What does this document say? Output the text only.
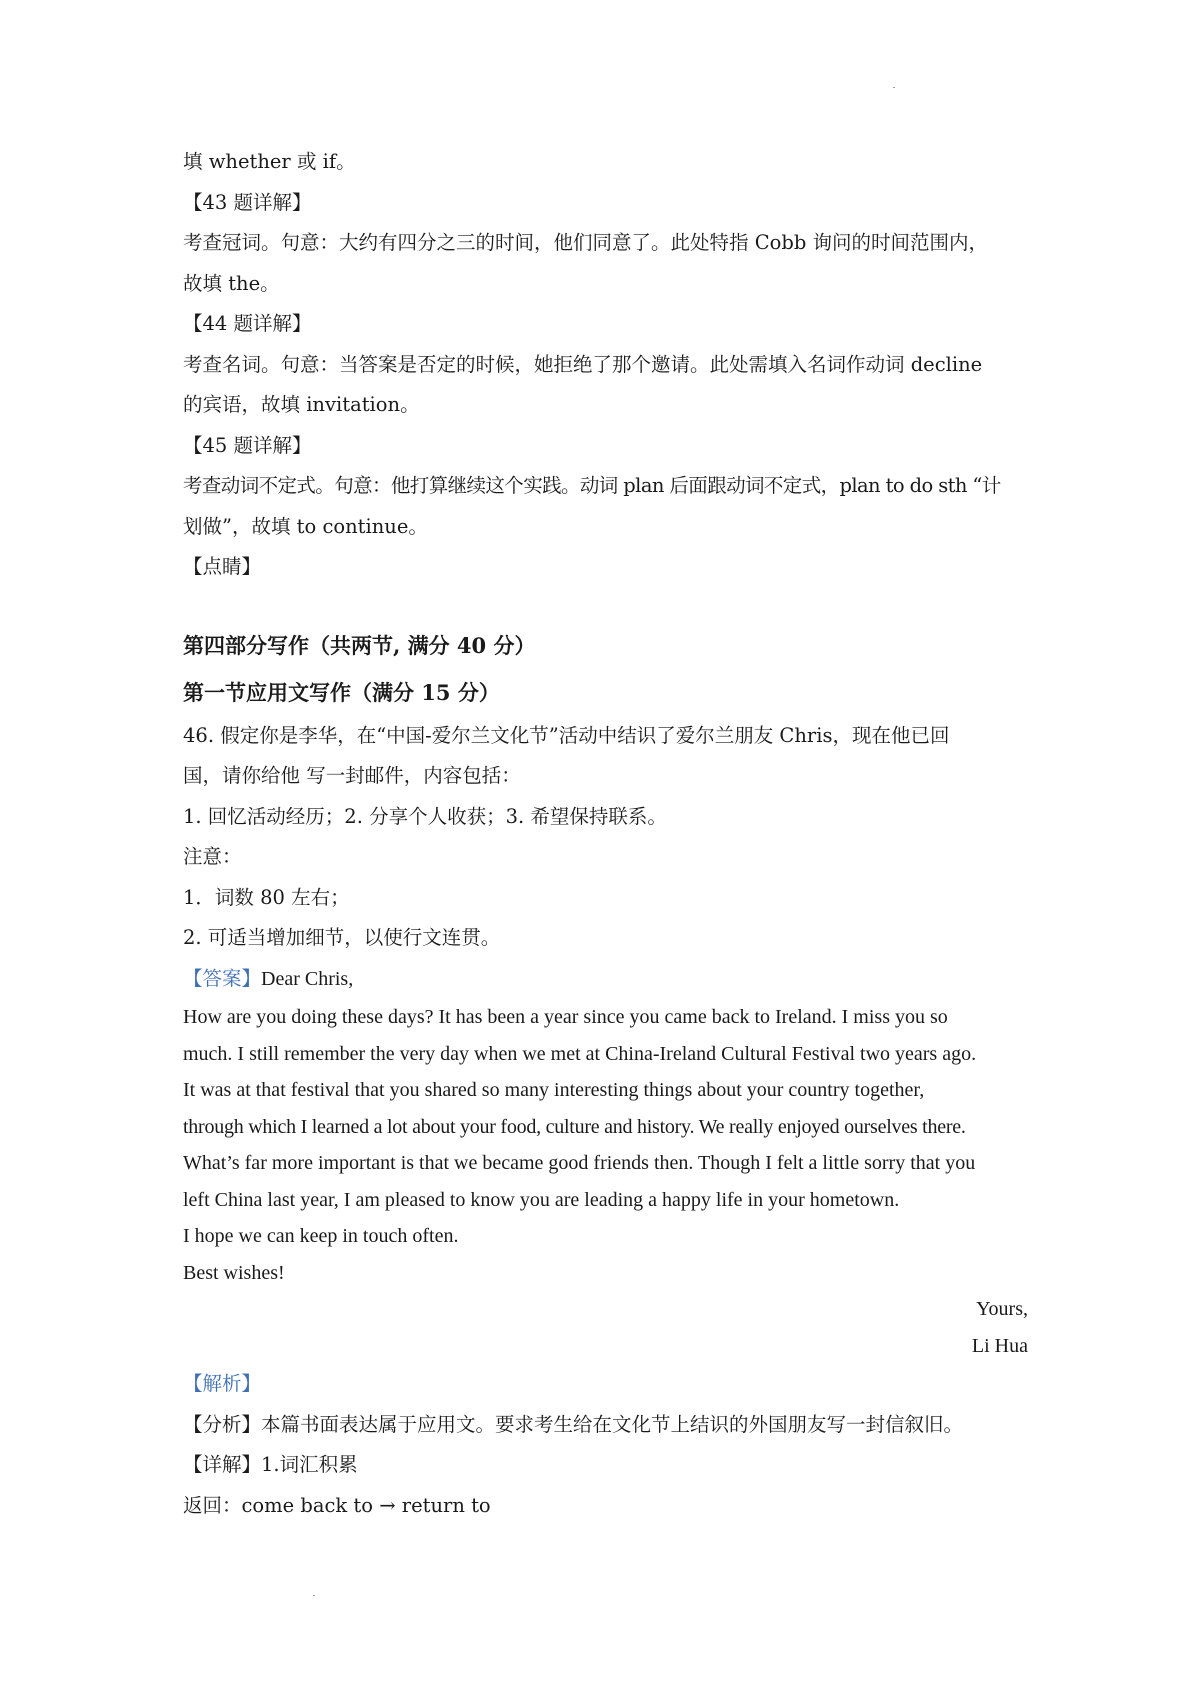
填 whether 或 if。
【43 题详解】
考查冠词。句意：大约有四分之三的时间，他们同意了。此处特指 Cobb 询问的时间范围内，
故填 the。
【44 题详解】
考查名词。句意：当答案是否定的时候，她拒绝了那个邀请。此处需填入名词作动词 decline
的宾语，故填 invitation。
【45 题详解】
考查动词不定式。句意：他打算继续这个实践。动词 plan 后面跟动词不定式，plan to do sth “计
划做”，故填 to continue。
【点睛】
第四部分写作（共两节, 满分 40 分）
第一节应用文写作（满分 15 分）
46. 假定你是李华，在“中国-爱尔兰文化节”活动中结识了爱尔兰朋友 Chris，现在他已回
国，请你给他 写一封邮件，内容包括：
1. 回忆活动经历；2. 分享个人收获；3. 希望保持联系。
注意：
1．词数 80 左右；
2. 可适当增加细节，以使行文连贯。
【答案】Dear Chris,
How are you doing these days? It has been a year since you came back to Ireland. I miss you so
much. I still remember the very day when we met at China-Ireland Cultural Festival two years ago.
It was at that festival that you shared so many interesting things about your country together,
through which I learned a lot about your food, culture and history. We really enjoyed ourselves there.
What’s far more important is that we became good friends then. Though I felt a little sorry that you
left China last year, I am pleased to know you are leading a happy life in your hometown.
I hope we can keep in touch often.
Best wishes!
Yours,
Li Hua
【解析】
【分析】本篇书面表达属于应用文。要求考生给在文化节上结识的外国朋友写一封信叙旧。
【详解】1.词汇积累
返回：come back to → return to
